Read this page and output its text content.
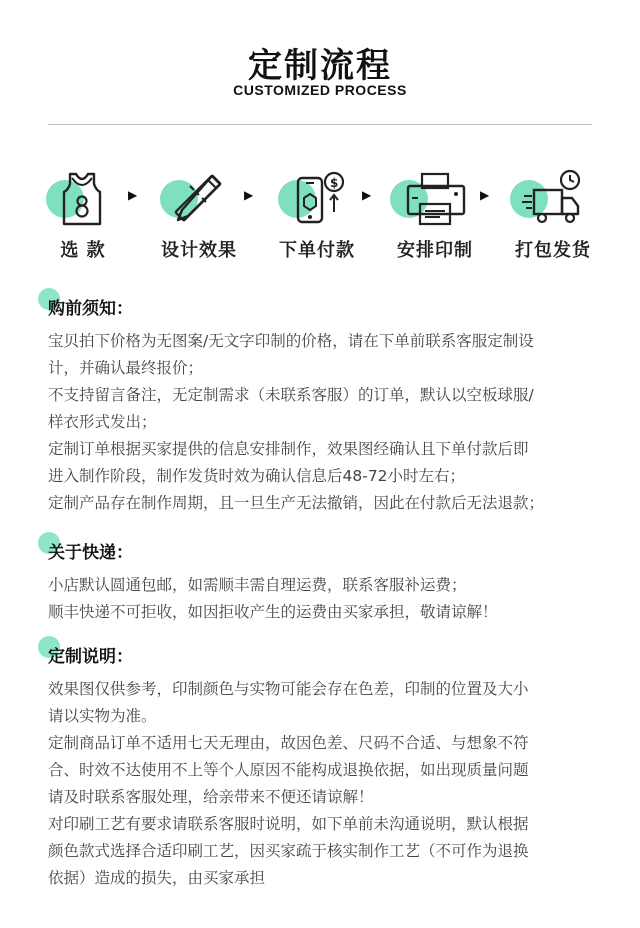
定制流程
CUSTOMIZED PROCESS
选 款
▶
设计效果
▶
$
下单付款
▶
安排印制
▶
打包发货
购前须知：

宝贝拍下价格为无图案/无文字印制的价格，请在下单前联系客服定制设

计，并确认最终报价；

不支持留言备注，无定制需求（未联系客服）的订单，默认以空板球服/

样衣形式发出；

定制订单根据买家提供的信息安排制作，效果图经确认且下单付款后即

进入制作阶段，制作发货时效为确认信息后48-72小时左右；

定制产品存在制作周期，且一旦生产无法撤销，因此在付款后无法退款；

关于快递：

小店默认圆通包邮，如需顺丰需自理运费，联系客服补运费；

顺丰快递不可拒收，如因拒收产生的运费由买家承担，敬请谅解！

定制说明：

效果图仅供参考，印制颜色与实物可能会存在色差，印制的位置及大小

请以实物为准。

定制商品订单不适用七天无理由，故因色差、尺码不合适、与想象不符

合、时效不达使用不上等个人原因不能构成退换依据，如出现质量问题

请及时联系客服处理，给亲带来不便还请谅解！

对印刷工艺有要求请联系客服时说明，如下单前未沟通说明，默认根据

颜色款式选择合适印刷工艺，因买家疏于核实制作工艺（不可作为退换

依据）造成的损失，由买家承担
